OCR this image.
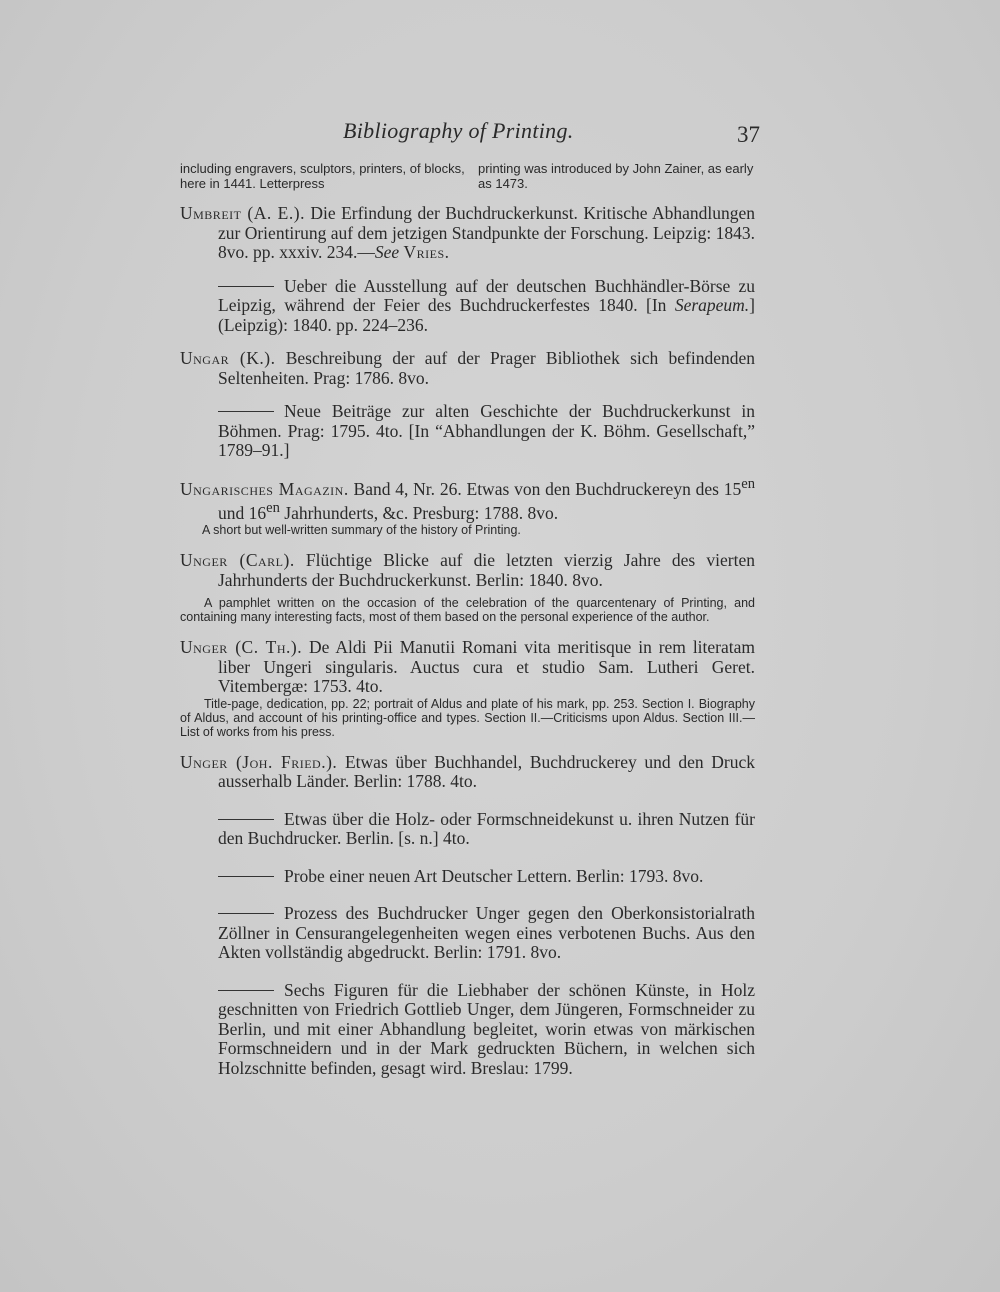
Bibliography of Printing.	37
including engravers, sculptors, printers, of blocks, here in 1441. Letterpress
printing was introduced by John Zainer, as early as 1473.

Umbreit (A. E.). Die Erfindung der Buchdruckerkunst. Kritische Abhandlungen zur Orientirung auf dem jetzigen Standpunkte der Forschung. Leipzig: 1843. 8vo. pp. xxxiv. 234.—See Vries.

Ueber die Ausstellung auf der deutschen Buchhändler-Börse zu Leipzig, während der Feier des Buchdruckerfestes 1840. [In Serapeum.] (Leipzig): 1840. pp. 224–236.

Ungar (K.). Beschreibung der auf der Prager Bibliothek sich befindenden Seltenheiten. Prag: 1786. 8vo.

Neue Beiträge zur alten Geschichte der Buchdruckerkunst in Böhmen. Prag: 1795. 4to. [In “Abhandlungen der K. Böhm. Gesellschaft,” 1789–91.]

Ungarisches Magazin. Band 4, Nr. 26. Etwas von den Buchdruckereyn des $15^{en}$ und $16^{en}$ Jahrhunderts, &c. Presburg: 1788. 8vo.

A short but well-written summary of the history of Printing.

Unger (Carl). Flüchtige Blicke auf die letzten vierzig Jahre des vierten Jahrhunderts der Buchdruckerkunst. Berlin: 1840. 8vo.

A pamphlet written on the occasion of the celebration of the quarcentenary of Printing, and containing many interesting facts, most of them based on the personal experience of the author.

Unger (C. Th.). De Aldi Pii Manutii Romani vita meritisque in rem literatam liber Ungeri singularis. Auctus cura et studio Sam. Lutheri Geret. Vitembergæ: 1753. 4to.

Title-page, dedication, pp. 22; portrait of Aldus and plate of his mark, pp. 253. Section I. Biography of Aldus, and account of his printing-office and types. Section II.—Criticisms upon Aldus. Section III.—List of works from his press.

Unger (Joh. Fried.). Etwas über Buchhandel, Buchdruckerey und den Druck ausserhalb Länder. Berlin: 1788. 4to.

Etwas über die Holz- oder Formschneidekunst u. ihren Nutzen für den Buchdrucker. Berlin. [s. n.] 4to.

Probe einer neuen Art Deutscher Lettern. Berlin: 1793. 8vo.

Prozess des Buchdrucker Unger gegen den Oberkonsistorialrath Zöllner in Censurangelegenheiten wegen eines verbotenen Buchs. Aus den Akten vollständig abgedruckt. Berlin: 1791. 8vo.

Sechs Figuren für die Liebhaber der schönen Künste, in Holz geschnitten von Friedrich Gottlieb Unger, dem Jüngeren, Formschneider zu Berlin, und mit einer Abhandlung begleitet, worin etwas von märkischen Formschneidern und in der Mark gedruckten Büchern, in welchen sich Holzschnitte befinden, gesagt wird. Breslau: 1799.
